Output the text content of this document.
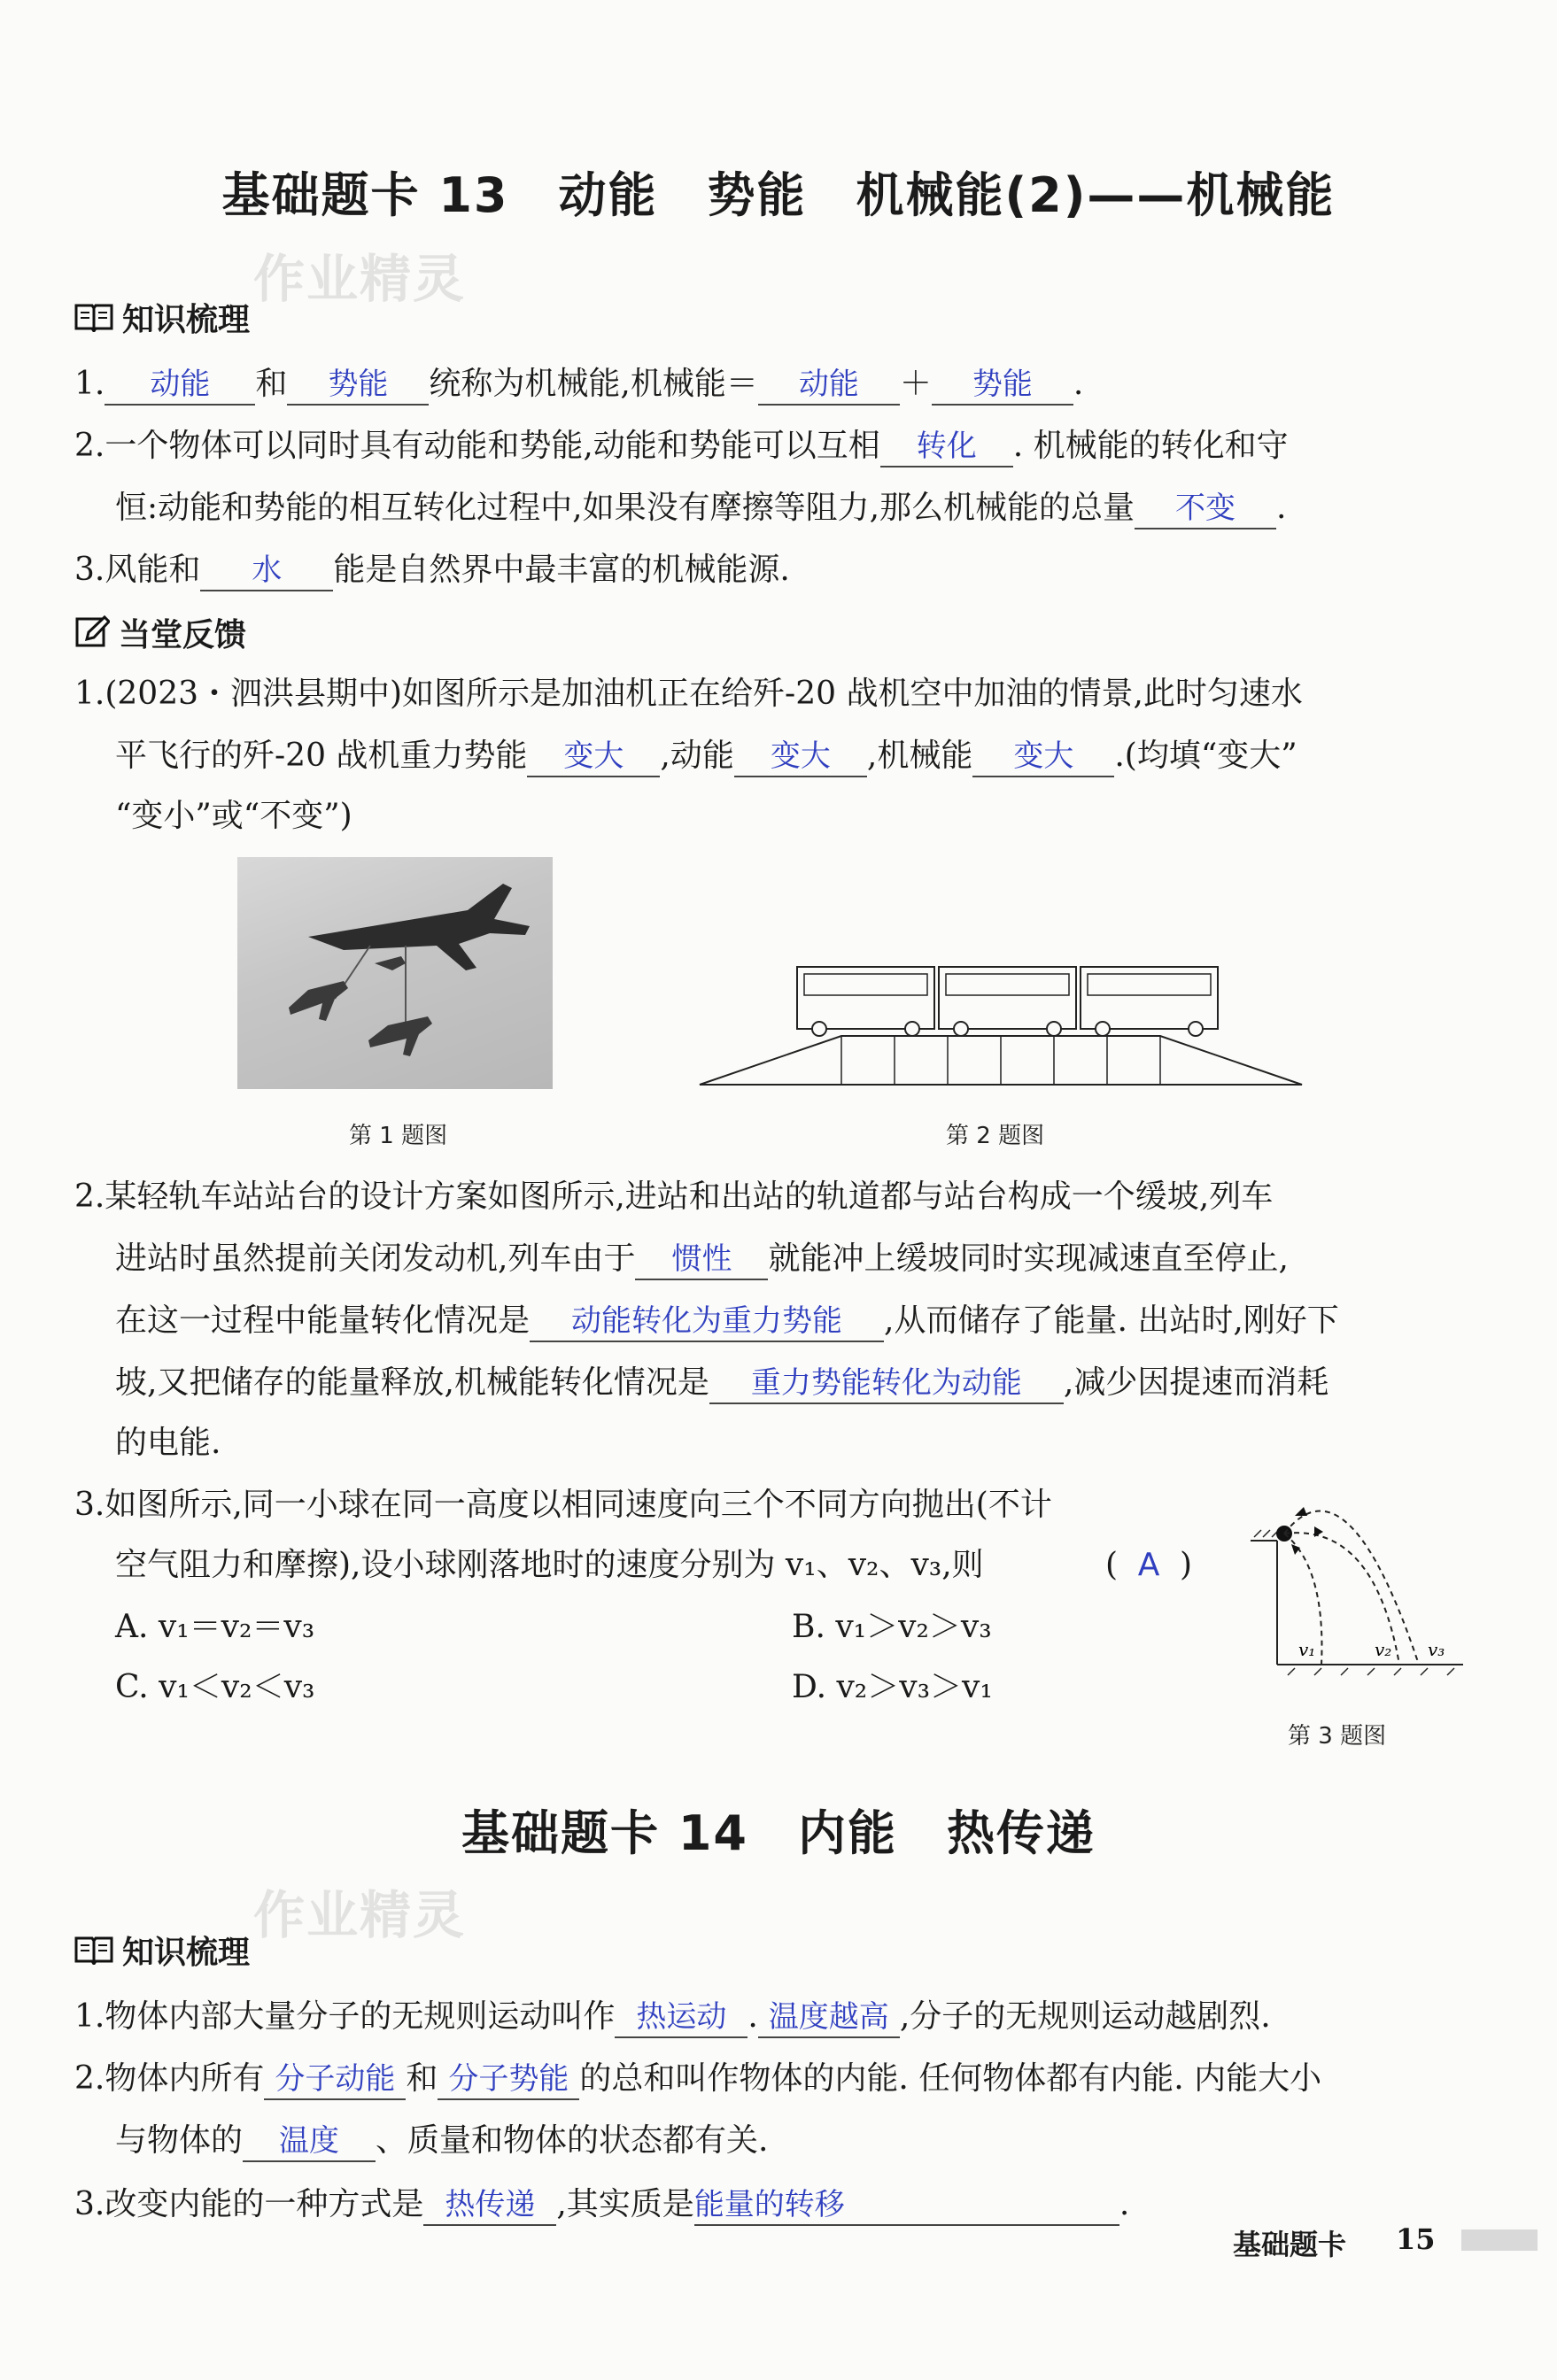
基础题卡 13　动能　势能　机械能(2)——机械能
作业精灵
知识梳理
1. 动能 和 势能 统称为机械能,机械能＝ 动能 ＋ 势能 .
2.一个物体可以同时具有动能和势能,动能和势能可以互相 转化 . 机械能的转化和守
恒:动能和势能的相互转化过程中,如果没有摩擦等阻力,那么机械能的总量 不变 .
3.风能和 水 能是自然界中最丰富的机械能源.
当堂反馈
1.(2023・泗洪县期中)如图所示是加油机正在给歼-20 战机空中加油的情景,此时匀速水
平飞行的歼-20 战机重力势能 变大 ,动能 变大 ,机械能 变大 .(均填“变大”
“变小”或“不变”)
第 1 题图	第 2 题图
2.某轻轨车站站台的设计方案如图所示,进站和出站的轨道都与站台构成一个缓坡,列车
进站时虽然提前关闭发动机,列车由于 惯性 就能冲上缓坡同时实现减速直至停止,
在这一过程中能量转化情况是 动能转化为重力势能 ,从而储存了能量. 出站时,刚好下
坡,又把储存的能量释放,机械能转化情况是 重力势能转化为动能 ,减少因提速而消耗
的电能.
3.如图所示,同一小球在同一高度以相同速度向三个不同方向抛出(不计
空气阻力和摩擦),设小球刚落地时的速度分别为 v₁、v₂、v₃,则	( A )
A. v₁＝v₂＝v₃	B. v₁＞v₂＞v₃
C. v₁＜v₂＜v₃	D. v₂＞v₃＞v₁
v₁	v₂ v₃
第 3 题图
基础题卡 14　内能　热传递
作业精灵
知识梳理
1.物体内部大量分子的无规则运动叫作 热运动 . 温度越高 ,分子的无规则运动越剧烈.
2.物体内所有 分子动能 和 分子势能 的总和叫作物体的内能. 任何物体都有内能. 内能大小
与物体的 温度 、质量和物体的状态都有关.
3.改变内能的一种方式是 热传递 ,其实质是能量的转移	.
基础题卡 15
